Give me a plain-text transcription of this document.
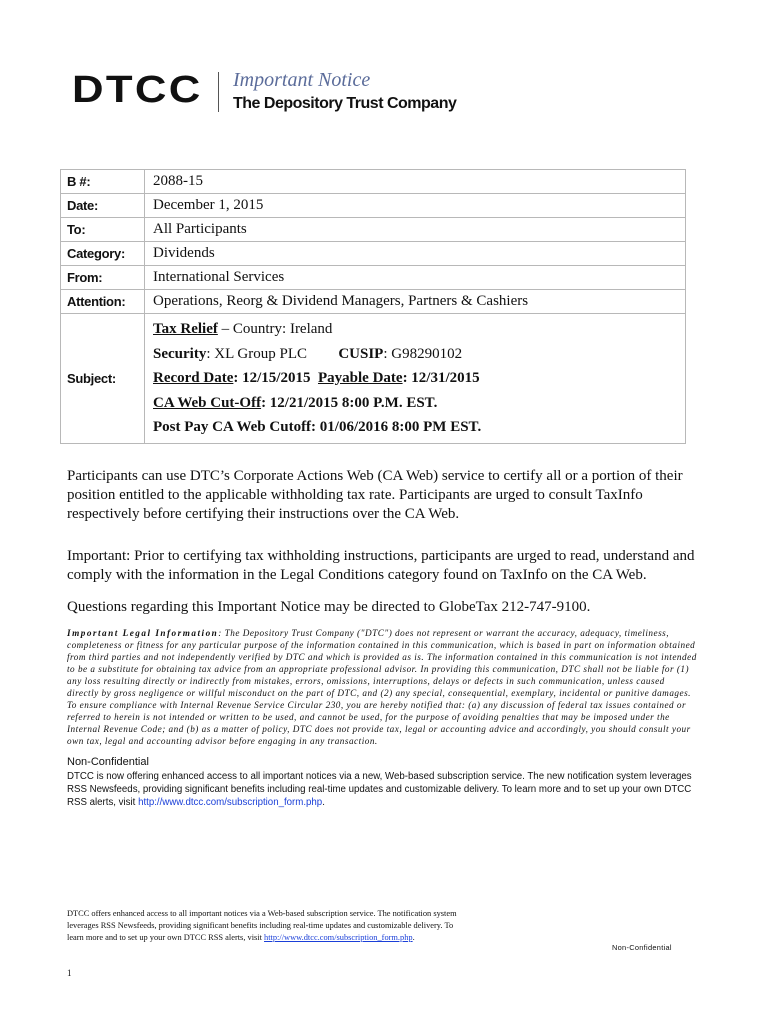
DTCC Important Notice
The Depository Trust Company
B #:	2088-15
Date:	December 1, 2015
To:	All Participants
Category:	Dividends
From:	International Services
Attention:	Operations, Reorg & Dividend Managers, Partners & Cashiers
Subject:	Tax Relief – Country: Ireland
Security: XL Group PLC CUSIP: G98290102
Record Date: 12/15/2015 Payable Date: 12/31/2015
CA Web Cut-Off: 12/21/2015 8:00 P.M. EST.
Post Pay CA Web Cutoff: 01/06/2016 8:00 PM EST.
Participants can use DTC’s Corporate Actions Web (CA Web) service to certify all or a portion of their position entitled to the applicable withholding tax rate. Participants are urged to consult TaxInfo respectively before certifying their instructions over the CA Web.
Important: Prior to certifying tax withholding instructions, participants are urged to read, understand and comply with the information in the Legal Conditions category found on TaxInfo on the CA Web.
Questions regarding this Important Notice may be directed to GlobeTax 212-747-9100.
Important Legal Information: The Depository Trust Company ("DTC") does not represent or warrant the accuracy, adequacy, timeliness, completeness or fitness for any particular purpose of the information contained in this communication, which is based in part on information obtained from third parties and not independently verified by DTC and which is provided as is. The information contained in this communication is not intended to be a substitute for obtaining tax advice from an appropriate professional advisor. In providing this communication, DTC shall not be liable for (1) any loss resulting directly or indirectly from mistakes, errors, omissions, interruptions, delays or defects in such communication, unless caused directly by gross negligence or willful misconduct on the part of DTC, and (2) any special, consequential, exemplary, incidental or punitive damages.
To ensure compliance with Internal Revenue Service Circular 230, you are hereby notified that: (a) any discussion of federal tax issues contained or referred to herein is not intended or written to be used, and cannot be used, for the purpose of avoiding penalties that may be imposed under the Internal Revenue Code; and (b) as a matter of policy, DTC does not provide tax, legal or accounting advice and accordingly, you should consult your own tax, legal and accounting advisor before engaging in any transaction.
Non-Confidential
DTCC is now offering enhanced access to all important notices via a new, Web-based subscription service. The new notification system leverages RSS Newsfeeds, providing significant benefits including real-time updates and customizable delivery. To learn more and to set up your own DTCC RSS alerts, visit http://www.dtcc.com/subscription_form.php.
DTCC offers enhanced access to all important notices via a Web-based subscription service. The notification system leverages RSS Newsfeeds, providing significant benefits including real-time updates and customizable delivery. To learn more and to set up your own DTCC RSS alerts, visit http://www.dtcc.com/subscription_form.php.
Non-Confidential
1
